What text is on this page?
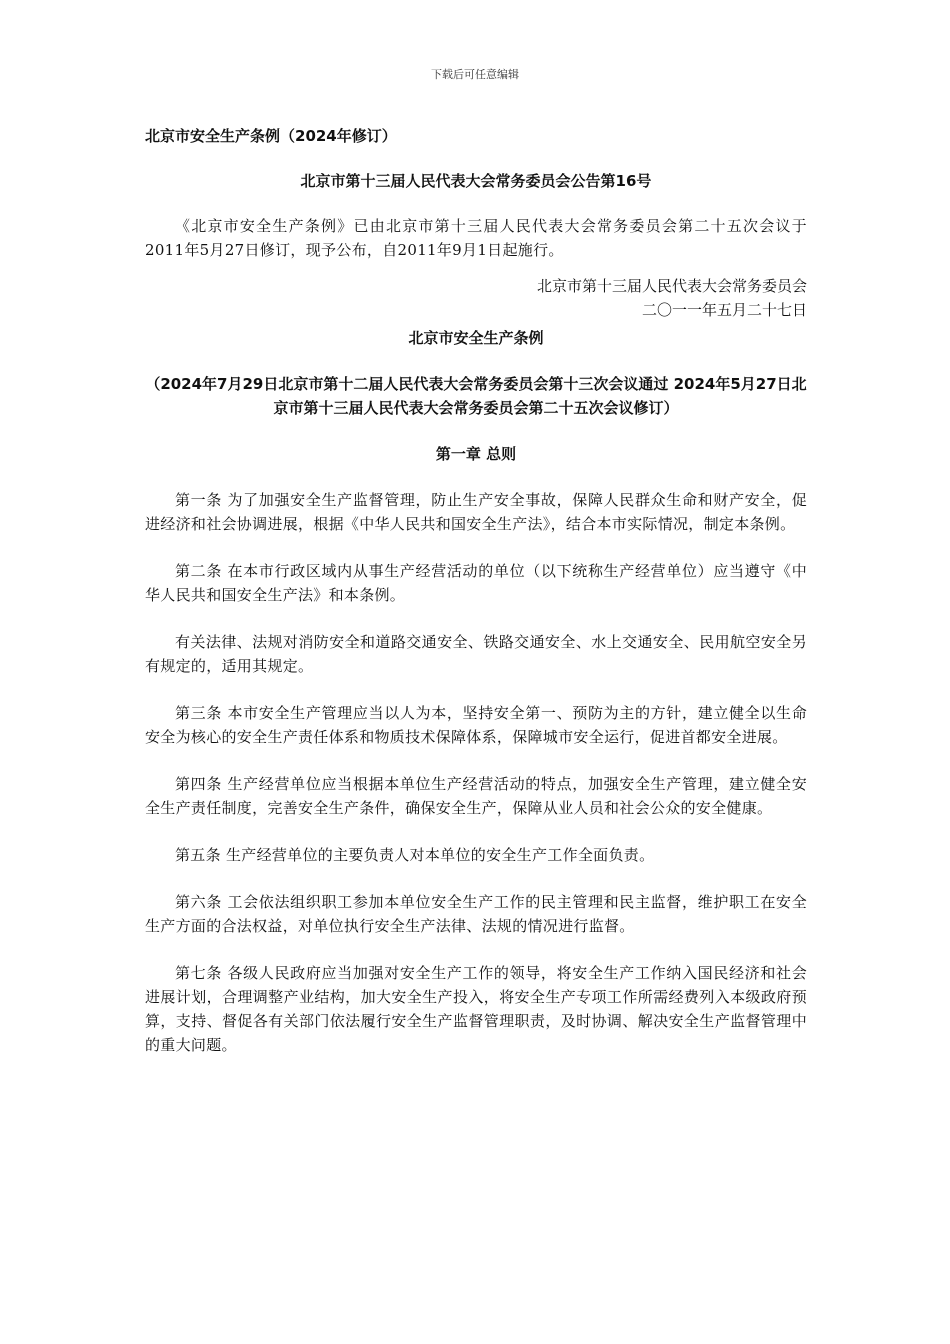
下载后可任意编辑
北京市安全生产条例（2024年修订）
北京市第十三届人民代表大会常务委员会公告第16号
《北京市安全生产条例》已由北京市第十三届人民代表大会常务委员会第二十五次会议于2011年5月27日修订，现予公布，自2011年9月1日起施行。
北京市第十三届人民代表大会常务委员会
二〇一一年五月二十七日
北京市安全生产条例
（2024年7月29日北京市第十二届人民代表大会常务委员会第十三次会议通过 2024年5月27日北京市第十三届人民代表大会常务委员会第二十五次会议修订）
第一章 总则
第一条 为了加强安全生产监督管理，防止生产安全事故，保障人民群众生命和财产安全，促进经济和社会协调进展，根据《中华人民共和国安全生产法》，结合本市实际情况，制定本条例。
第二条 在本市行政区域内从事生产经营活动的单位（以下统称生产经营单位）应当遵守《中华人民共和国安全生产法》和本条例。
有关法律、法规对消防安全和道路交通安全、铁路交通安全、水上交通安全、民用航空安全另有规定的，适用其规定。
第三条 本市安全生产管理应当以人为本，坚持安全第一、预防为主的方针，建立健全以生命安全为核心的安全生产责任体系和物质技术保障体系，保障城市安全运行，促进首都安全进展。
第四条 生产经营单位应当根据本单位生产经营活动的特点，加强安全生产管理，建立健全安全生产责任制度，完善安全生产条件，确保安全生产，保障从业人员和社会公众的安全健康。
第五条 生产经营单位的主要负责人对本单位的安全生产工作全面负责。
第六条 工会依法组织职工参加本单位安全生产工作的民主管理和民主监督，维护职工在安全生产方面的合法权益，对单位执行安全生产法律、法规的情况进行监督。
第七条 各级人民政府应当加强对安全生产工作的领导，将安全生产工作纳入国民经济和社会进展计划，合理调整产业结构，加大安全生产投入，将安全生产专项工作所需经费列入本级政府预算，支持、督促各有关部门依法履行安全生产监督管理职责，及时协调、解决安全生产监督管理中的重大问题。
